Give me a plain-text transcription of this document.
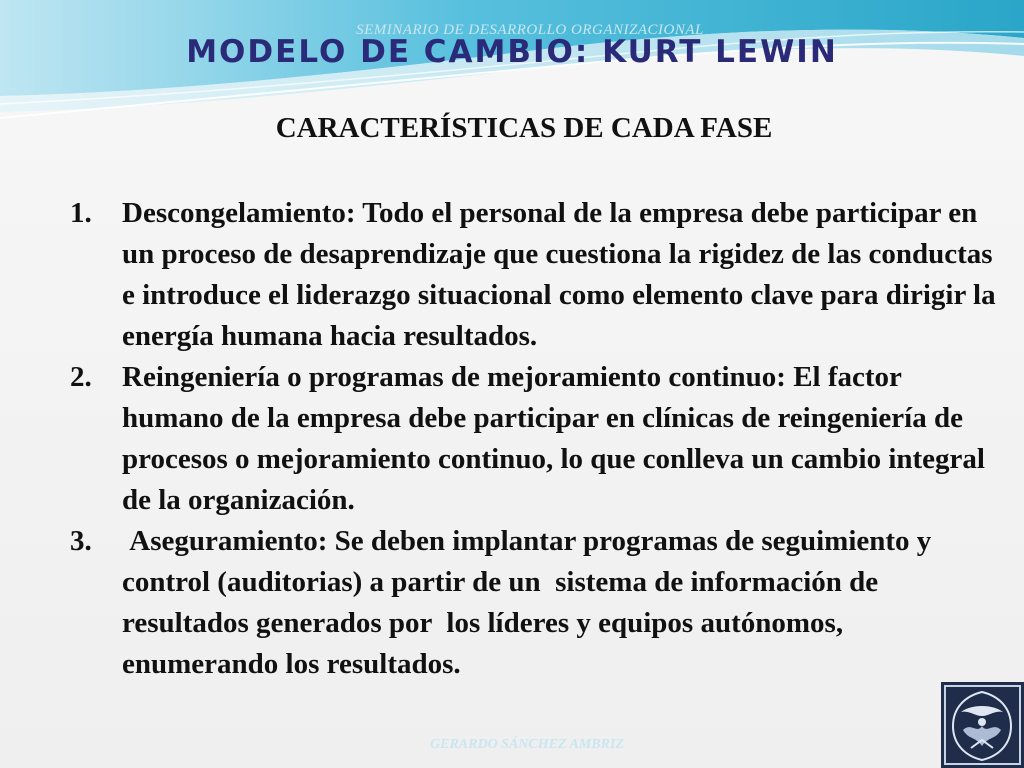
SEMINARIO DE DESARROLLO ORGANIZACIONAL

MODELO DE CAMBIO: KURT LEWIN
CARACTERÍSTICAS DE CADA FASE
1. Descongelamiento: Todo el personal de la empresa debe participar en un proceso de desaprendizaje que cuestiona la rigidez de las conductas e introduce el liderazgo situacional como elemento clave para dirigir la energía humana hacia resultados.
2. Reingeniería o programas de mejoramiento continuo: El factor humano de la empresa debe participar en clínicas de reingeniería de procesos o mejoramiento continuo, lo que conlleva un cambio integral de la organización.
3. Aseguramiento: Se deben implantar programas de seguimiento y control (auditorias) a partir de un  sistema de información de resultados generados por  los líderes y equipos autónomos, enumerando los resultados.

GERARDO SÁNCHEZ AMBRIZ
